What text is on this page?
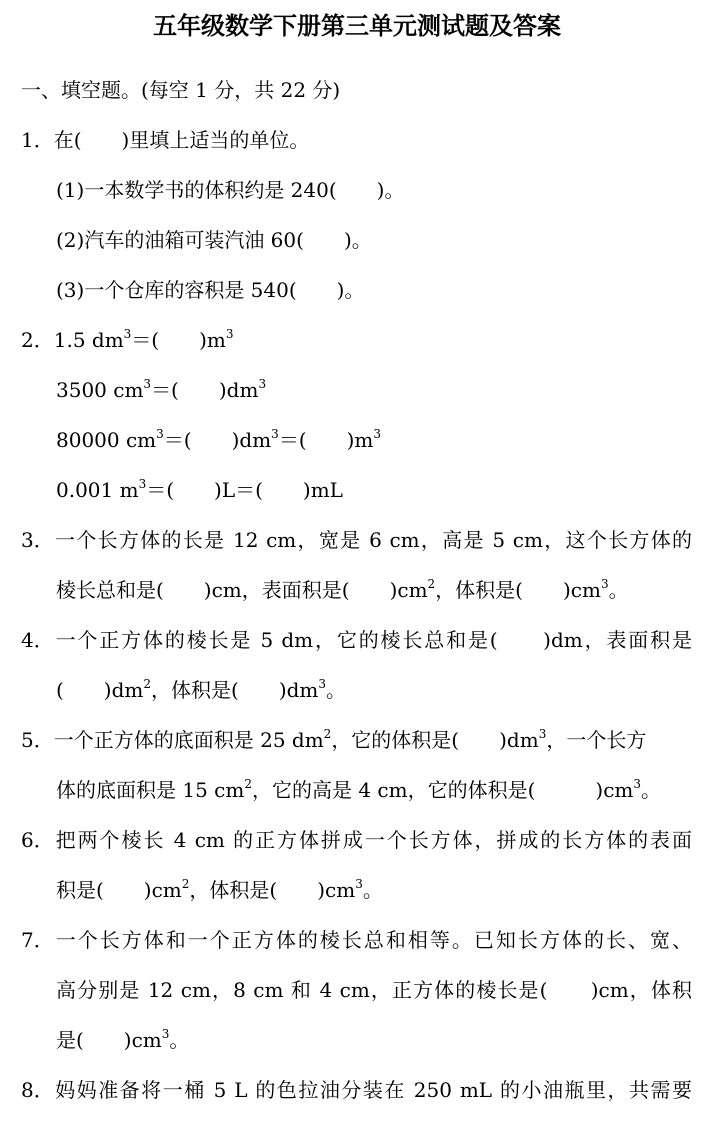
五年级数学下册第三单元测试题及答案
一、填空题。(每空 1 分，共 22 分)
1．在(　　)里填上适当的单位。
(1)一本数学书的体积约是 240(　　)。
(2)汽车的油箱可装汽油 60(　　)。
(3)一个仓库的容积是 540(　　)。
2．1.5 $dm^3=$(　　)$m^3$
3500 $cm^3=$(　　)$dm^3$
80000 $cm^3=$(　　)$dm^3=$(　　)$m^3$
0.001 $m^3=$(　　)L＝(　　)mL
3．一个长方体的长是 12 cm，宽是 6 cm，高是 5 cm，这个长方体的
棱长总和是(　　)cm，表面积是(　　)$cm^2$，体积是(　　)$cm^3$。
4．一个正方体的棱长是 5 dm，它的棱长总和是(　　)dm，表面积是
(　　)$dm^2$，体积是(　　)$dm^3$。
5．一个正方体的底面积是 25 $dm^2$，它的体积是(　　)$dm^3$，一个长方
体的底面积是 15 $cm^2$，它的高是 4 cm，它的体积是(　　　)$cm^3$。
6．把两个棱长 4 cm 的正方体拼成一个长方体，拼成的长方体的表面
积是(　　)$cm^2$，体积是(　　)$cm^3$。
7．一个长方体和一个正方体的棱长总和相等。已知长方体的长、宽、
高分别是 12 cm，8 cm 和 4 cm，正方体的棱长是(　　)cm，体积
是(　　)$cm^3$。
8．妈妈准备将一桶 5 L 的色拉油分装在 250 mL 的小油瓶里，共需要
